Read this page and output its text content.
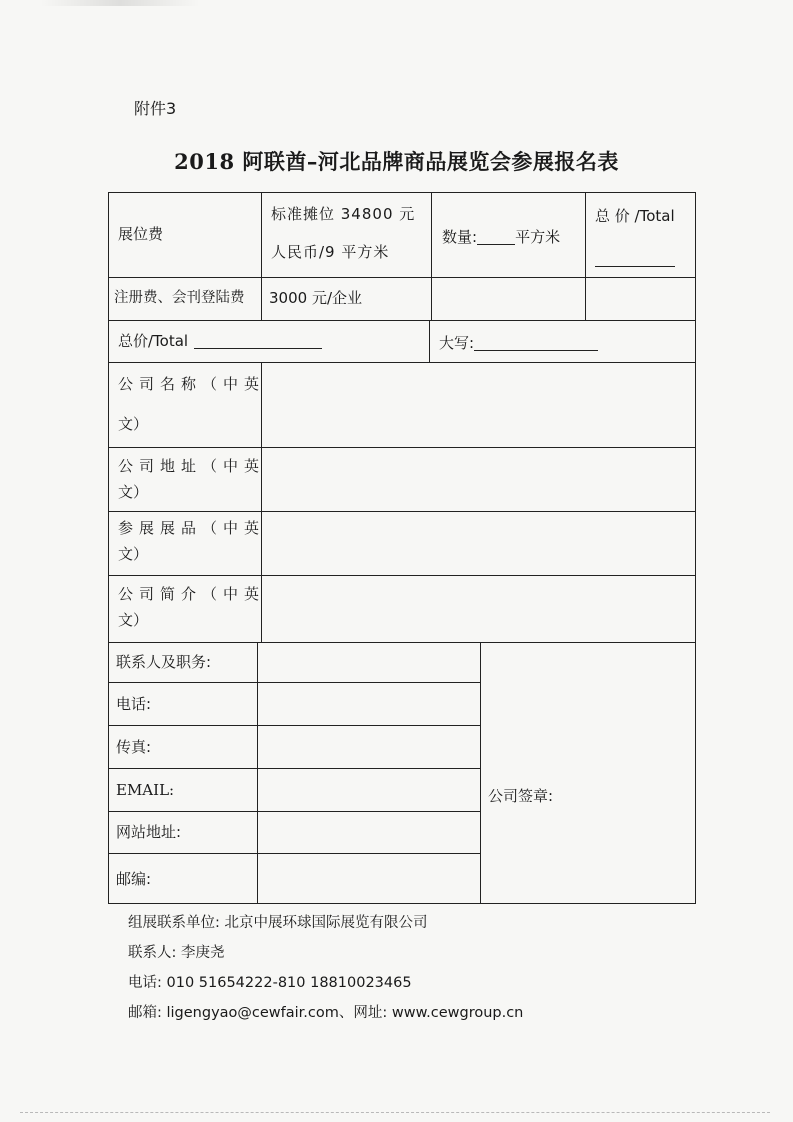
附件3
2018 阿联酋–河北品牌商品展览会参展报名表
展位费
标准摊位 34800 元
人民币/9 平方米
数量:	平方米
总 价 /Total
注册费、会刊登陆费 3000 元/企业
总价/Total	大写:
公司名称（中英
文）
公司地址（中英
文）
参展展品（中英
文）
公司简介（中英
文）
联系人及职务:
电话:
传真:
EMAIL:
网站地址:
邮编:
公司签章:
组展联系单位: 北京中展环球国际展览有限公司
联系人: 李庚尧
电话: 010 51654222-810 18810023465
邮箱: ligengyao@cewfair.com、网址: www.cewgroup.cn
